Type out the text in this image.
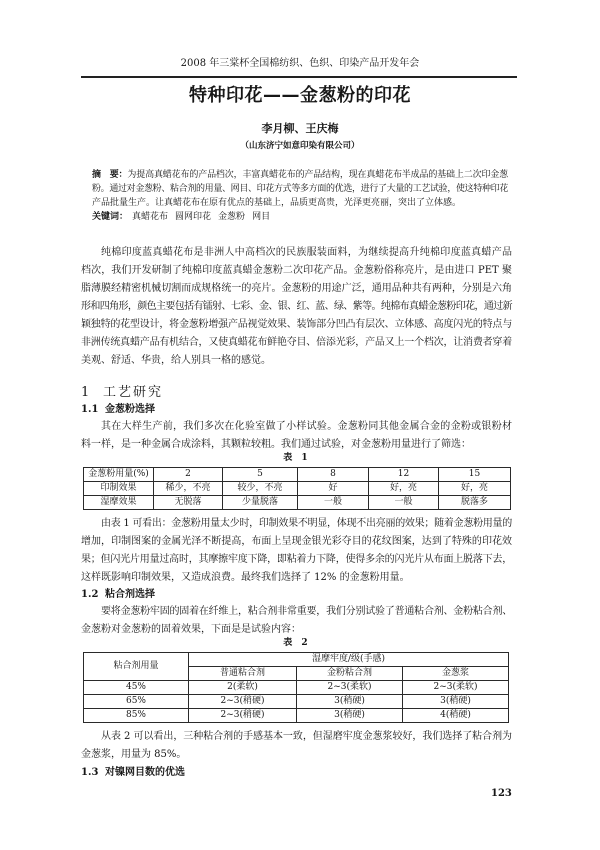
2008 年三棠杯全国棉纺织、色织、印染产品开发年会
特种印花——金葱粉的印花
李月柳、王庆梅
（山东济宁如意印染有限公司）
摘　要：为提高真蜡花布的产品档次，丰富真蜡花布的产品结构，现在真蜡花布半成品的基础上二次印金葱
粉。通过对金葱粉、粘合剂的用量、网目、印花方式等多方面的优选，进行了大量的工艺试验，使这特种印花
产品批量生产。让真蜡花布在原有优点的基础上，品质更高贵，光泽更亮丽，突出了立体感。
关键词： 真蜡花布 圆网印花 金葱粉 网目
纯棉印度蓝真蜡花布是非洲人中高档次的民族服装面料，为继续提高升纯棉印度蓝真蜡产品
档次，我们开发研制了纯棉印度蓝真蜡金葱粉二次印花产品。金葱粉俗称亮片，是由进口 PET 聚
脂薄膜经精密机械切割而成规格统一的亮片。金葱粉的用途广泛，通用品种共有两种，分别是六角
形和四角形，颜色主要包括有镭射、七彩、金、银、红、蓝、绿、紫等。纯棉布真蜡金葱粉印花，通过新
颖独特的花型设计，将金葱粉增强产品视觉效果、装饰部分凹凸有层次、立体感、高度闪光的特点与
非洲传统真蜡产品有机结合，又使真蜡花布鲜艳夺目、倍添光彩，产品又上一个档次，让消费者穿着
美观、舒适、华贵，给人别具一格的感觉。
1 工艺研究
1.1 金葱粉选择
其在大样生产前，我们多次在化验室做了小样试验。金葱粉同其他金属合金的金粉或银粉材
料一样，是一种金属合成涂料，其颗粒较粗。我们通过试验，对金葱粉用量进行了筛选：
表 1
金葱粉用量(%)	2	5	8	12	15
印制效果	稀少，不亮	较少，不亮	好	好，亮	好，亮
湿摩效果	无脱落	少量脱落	一般	一般	脱落多
由表 1 可看出：金葱粉用量太少时，印制效果不明显，体现不出亮丽的效果；随着金葱粉用量的
增加，印制图案的金属光泽不断提高，布面上呈现金银光彩夺目的花纹图案，达到了特殊的印花效
果；但闪光片用量过高时，其摩擦牢度下降，即粘着力下降，使得多余的闪光片从布面上脱落下去，
这样既影响印制效果，又造成浪费。最终我们选择了 12% 的金葱粉用量。
1.2 粘合剂选择
要将金葱粉牢固的固着在纤维上，粘合剂非常重要，我们分别试验了普通粘合剂、金粉粘合剂、
金葱粉对金葱粉的固着效果，下面是是试验内容：
表 2
粘合剂用量	湿摩牢度/级(手感)		
	普通粘合剂	金粉粘合剂	金葱浆
45%	2(柔软)	2~3(柔软)	2~3(柔软)
65%	2~3(稍硬)	3(稍硬)	3(稍硬)
85%	2~3(稍硬)	3(稍硬)	4(稍硬)
从表 2 可以看出，三种粘合剂的手感基本一致，但湿磨牢度金葱浆较好，我们选择了粘合剂为
金葱浆，用量为 85%。
1.3 对镍网目数的优选
123
